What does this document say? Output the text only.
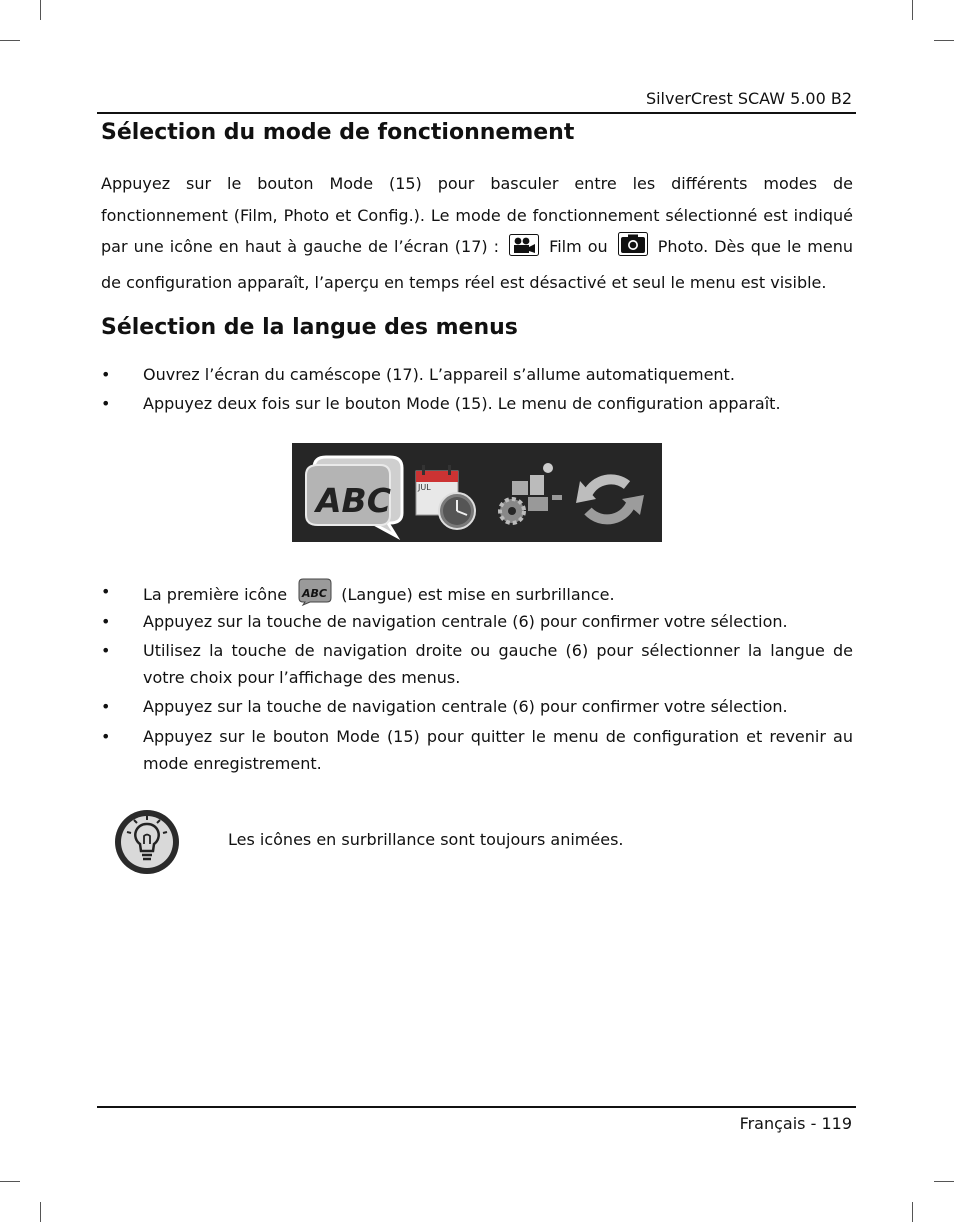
SilverCrest SCAW 5.00 B2
Sélection du mode de fonctionnement

Appuyez sur le bouton Mode (15) pour basculer entre les différents modes de fonctionnement (Film, Photo et Config.). Le mode de fonctionnement sélectionné est indiqué par une icône en haut à gauche de l’écran (17) :	Film ou	Photo. Dès que le menu de configuration apparaît, l’aperçu en temps réel est désactivé et seul le menu est visible.

Sélection de la langue des menus
• Ouvrez l’écran du caméscope (17). L’appareil s’allume automatiquement.
• Appuyez deux fois sur le bouton Mode (15). Le menu de configuration apparaît.
ABC	JUL
• La première icône ABC (Langue) est mise en surbrillance.
• Appuyez sur la touche de navigation centrale (6) pour confirmer votre sélection.
• Utilisez la touche de navigation droite ou gauche (6) pour sélectionner la langue de votre choix pour l’affichage des menus.
• Appuyez sur la touche de navigation centrale (6) pour confirmer votre sélection.
• Appuyez sur le bouton Mode (15) pour quitter le menu de configuration et revenir au mode enregistrement.
Les icônes en surbrillance sont toujours animées.
Français - 119
